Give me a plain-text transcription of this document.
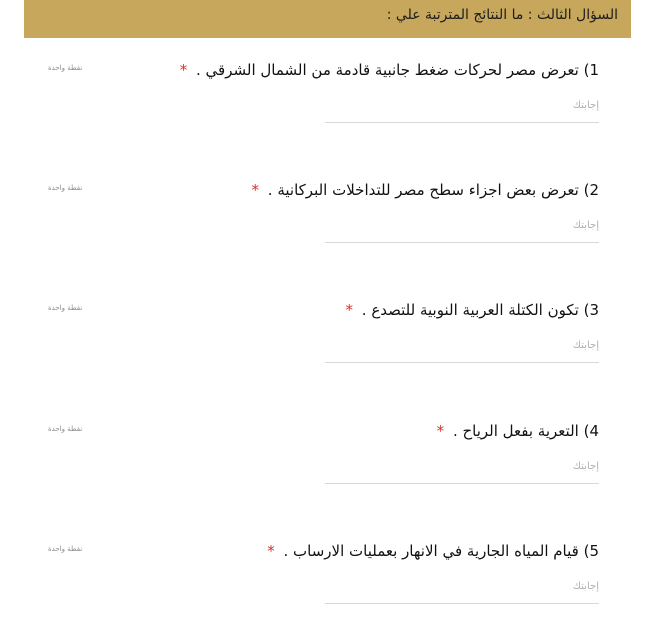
السؤال الثالث : ما النتائج المترتبة علي :
1) تعرض مصر لحركات ضغط جانبية قادمة من الشمال الشرقي . *
نقطة واحدة
إجابتك
2) تعرض بعض اجزاء سطح مصر للتداخلات البركانية . *
نقطة واحدة
إجابتك
3) تكون الكتلة العربية النوبية للتصدع . *
نقطة واحدة
إجابتك
4) التعرية بفعل الرياح . *
نقطة واحدة
إجابتك
5) قيام المياه الجارية في الانهار بعمليات الارساب . *
نقطة واحدة
إجابتك
